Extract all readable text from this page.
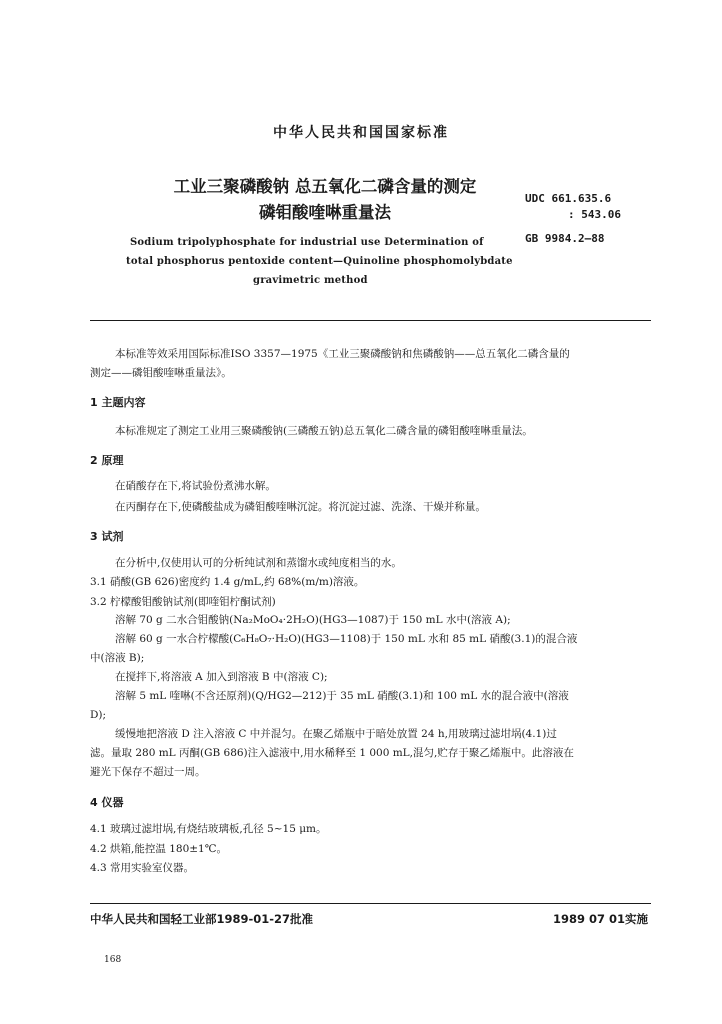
中华人民共和国国家标准
工业三聚磷酸钠 总五氧化二磷含量的测定
磷钼酸喹啉重量法
UDC 661.635.6
: 543.06
GB 9984.2—88
Sodium tripolyphosphate for industrial use Determination of
total phosphorus pentoxide content—Quinoline phosphomolybdate
gravimetric method
本标准等效采用国际标准ISO 3357—1975《工业三聚磷酸钠和焦磷酸钠——总五氧化二磷含量的
测定——磷钼酸喹啉重量法》。
1 主题内容
本标准规定了测定工业用三聚磷酸钠(三磷酸五钠)总五氧化二磷含量的磷钼酸喹啉重量法。
2 原理
在硝酸存在下,将试验份煮沸水解。
在丙酮存在下,使磷酸盐成为磷钼酸喹啉沉淀。将沉淀过滤、洗涤、干燥并称量。
3 试剂
在分析中,仅使用认可的分析纯试剂和蒸馏水或纯度相当的水。
3.1 硝酸(GB 626)密度约 1.4 g/mL,约 68%(m/m)溶液。
3.2 柠檬酸钼酸钠试剂(即喹钼柠酮试剂)
溶解 70 g 二水合钼酸钠(Na₂MoO₄·2H₂O)(HG3—1087)于 150 mL 水中(溶液 A);
溶解 60 g 一水合柠檬酸(C₆H₈O₇·H₂O)(HG3—1108)于 150 mL 水和 85 mL 硝酸(3.1)的混合液
中(溶液 B);
在搅拌下,将溶液 A 加入到溶液 B 中(溶液 C);
溶解 5 mL 喹啉(不含还原剂)(Q/HG2—212)于 35 mL 硝酸(3.1)和 100 mL 水的混合液中(溶液
D);
缓慢地把溶液 D 注入溶液 C 中并混匀。在聚乙烯瓶中于暗处放置 24 h,用玻璃过滤坩埚(4.1)过
滤。量取 280 mL 丙酮(GB 686)注入滤液中,用水稀释至 1 000 mL,混匀,贮存于聚乙烯瓶中。此溶液在
避光下保存不超过一周。
4 仪器
4.1 玻璃过滤坩埚,有烧结玻璃板,孔径 5~15 μm。
4.2 烘箱,能控温 180±1℃。
4.3 常用实验室仪器。
中华人民共和国轻工业部1989-01-27批准	1989 07 01实施
168
